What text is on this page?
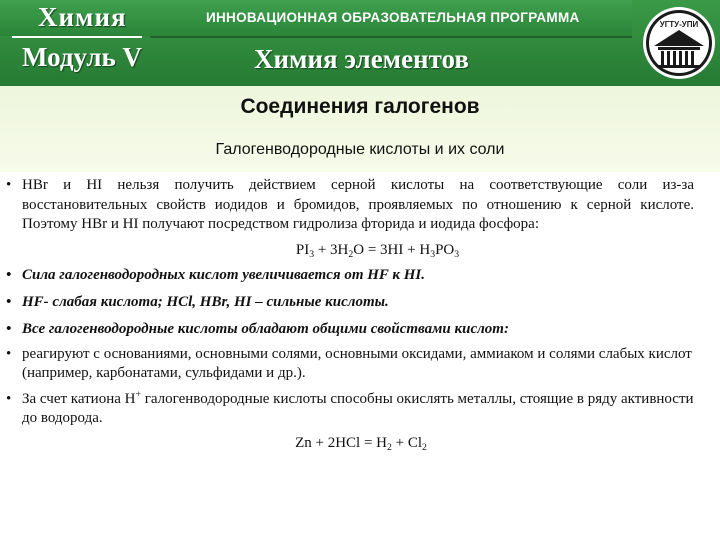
Химия	ИННОВАЦИОННАЯ ОБРАЗОВАТЕЛЬНАЯ ПРОГРАММА
Модуль V	Химия элементов
УГТУ-УПИ
Соединения галогенов
Галогенводородные кислоты и их соли
• HBr и HI нельзя получить действием серной кислоты на соответствующие соли из-за восстановительных свойств иодидов и бромидов, проявляемых по отношению к серной кислоте. Поэтому HBr и HI получают посредством гидролиза фторида и иодида фосфора:
$PI_3 + 3H_2O = 3HI + H_3PO_3$
• Сила галогенводородных кислот увеличивается от HF к HI.
• HF- слабая кислота; HCl, HBr, HI – сильные кислоты.
• Все галогенводородные кислоты обладают общими свойствами кислот:
• реагируют с основаниями, основными солями, основными оксидами, аммиаком и солями слабых кислот (например, карбонатами, сульфидами и др.).
• За счет катиона H+ галогенводородные кислоты способны окислять металлы, стоящие в ряду активности до водорода.
$Zn + 2HCl = H_2 + Cl_2$
